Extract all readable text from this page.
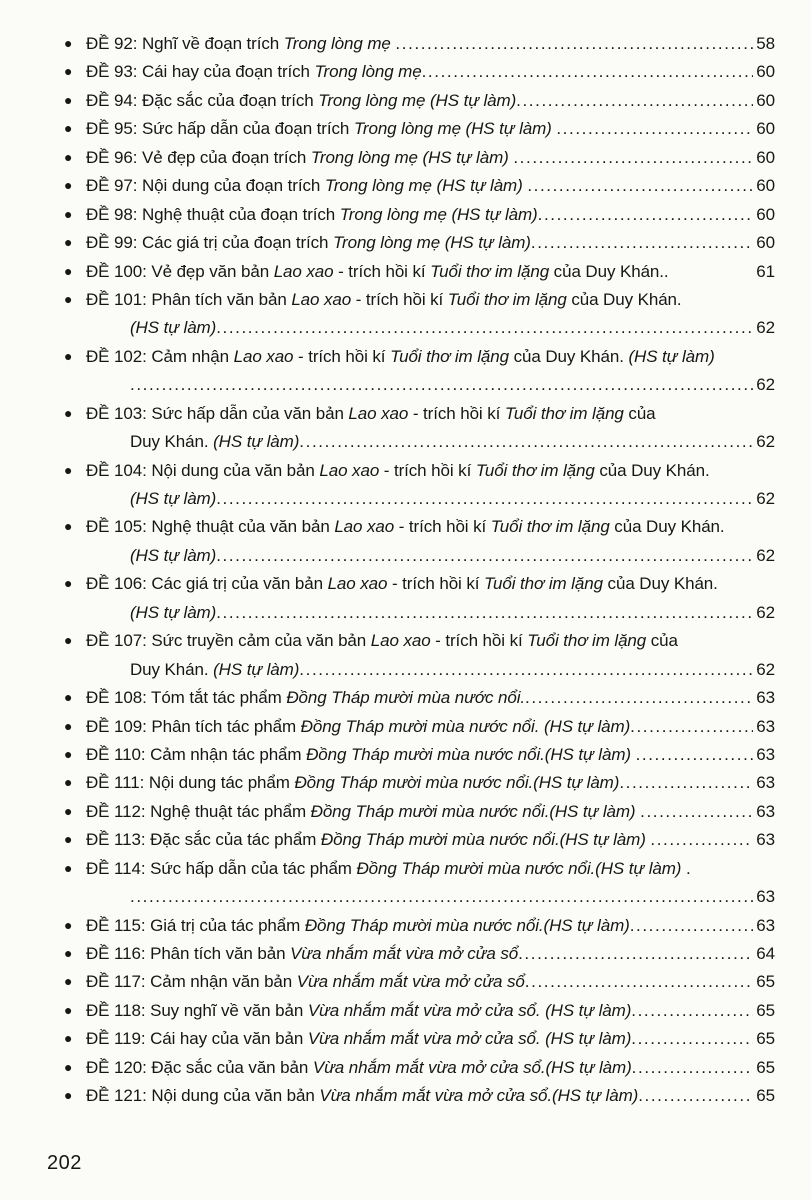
● ĐỀ 92: Nghĩ về đoạn trích Trong lòng mẹ .....	58
● ĐỀ 93: Cái hay của đoạn trích Trong lòng mẹ .....	60
● ĐỀ 94: Đặc sắc của đoạn trích Trong lòng mẹ (HS tự làm) .....	60
● ĐỀ 95: Sức hấp dẫn của đoạn trích Trong lòng mẹ (HS tự làm) .....	60
● ĐỀ 96: Vẻ đẹp của đoạn trích Trong lòng mẹ (HS tự làm) .....	60
● ĐỀ 97: Nội dung của đoạn trích Trong lòng mẹ (HS tự làm) .....	60
● ĐỀ 98: Nghệ thuật của đoạn trích Trong lòng mẹ (HS tự làm) .....	60
● ĐỀ 99: Các giá trị của đoạn trích Trong lòng mẹ (HS tự làm) .....	60
● ĐỀ 100: Vẻ đẹp văn bản Lao xao - trích hồi kí Tuổi thơ im lặng của Duy Khán..	61
● ĐỀ 101: Phân tích văn bản Lao xao - trích hồi kí Tuổi thơ im lặng của Duy Khán.
(HS tự làm) .....	62
● ĐỀ 102: Cảm nhận Lao xao - trích hồi kí Tuổi thơ im lặng của Duy Khán. (HS tự làm)
.....
62
● ĐỀ 103: Sức hấp dẫn của văn bản Lao xao - trích hồi kí Tuổi thơ im lặng của
Duy Khán. (HS tự làm) .....	62
● ĐỀ 104: Nội dung của văn bản Lao xao - trích hồi kí Tuổi thơ im lặng của Duy Khán.
(HS tự làm) .....	62
● ĐỀ 105: Nghệ thuật của văn bản Lao xao - trích hồi kí Tuổi thơ im lặng của Duy Khán.
(HS tự làm) .....	62
● ĐỀ 106: Các giá trị của văn bản Lao xao - trích hồi kí Tuổi thơ im lặng của Duy Khán.
(HS tự làm) .....	62
● ĐỀ 107: Sức truyền cảm của văn bản Lao xao - trích hồi kí Tuổi thơ im lặng của
Duy Khán. (HS tự làm) .....	62
● ĐỀ 108: Tóm tắt tác phẩm Đồng Tháp mười mùa nước nổi. .....	63
● ĐỀ 109: Phân tích tác phẩm Đồng Tháp mười mùa nước nổi. (HS tự làm) .....	63
● ĐỀ 110: Cảm nhận tác phẩm Đồng Tháp mười mùa nước nổi.(HS tự làm) .....	63
● ĐỀ 111: Nội dung tác phẩm Đồng Tháp mười mùa nước nổi.(HS tự làm) .....	63
● ĐỀ 112: Nghệ thuật tác phẩm Đồng Tháp mười mùa nước nổi.(HS tự làm) .....	63
● ĐỀ 113: Đặc sắc của tác phẩm Đồng Tháp mười mùa nước nổi.(HS tự làm) .....	63
● ĐỀ 114: Sức hấp dẫn của tác phẩm Đồng Tháp mười mùa nước nổi.(HS tự làm) .
.....
63
● ĐỀ 115: Giá trị của tác phẩm Đồng Tháp mười mùa nước nổi.(HS tự làm) .....	63
● ĐỀ 116: Phân tích văn bản Vừa nhắm mắt vừa mở cửa sổ .....	64
● ĐỀ 117: Cảm nhận văn bản Vừa nhắm mắt vừa mở cửa sổ .....	65
● ĐỀ 118: Suy nghĩ về văn bản Vừa nhắm mắt vừa mở cửa sổ. (HS tự làm) .....	65
● ĐỀ 119: Cái hay của văn bản Vừa nhắm mắt vừa mở cửa sổ. (HS tự làm) .....	65
● ĐỀ 120: Đặc sắc của văn bản Vừa nhắm mắt vừa mở cửa sổ.(HS tự làm) .....	65
● ĐỀ 121: Nội dung của văn bản Vừa nhắm mắt vừa mở cửa sổ.(HS tự làm) .....	65
202
